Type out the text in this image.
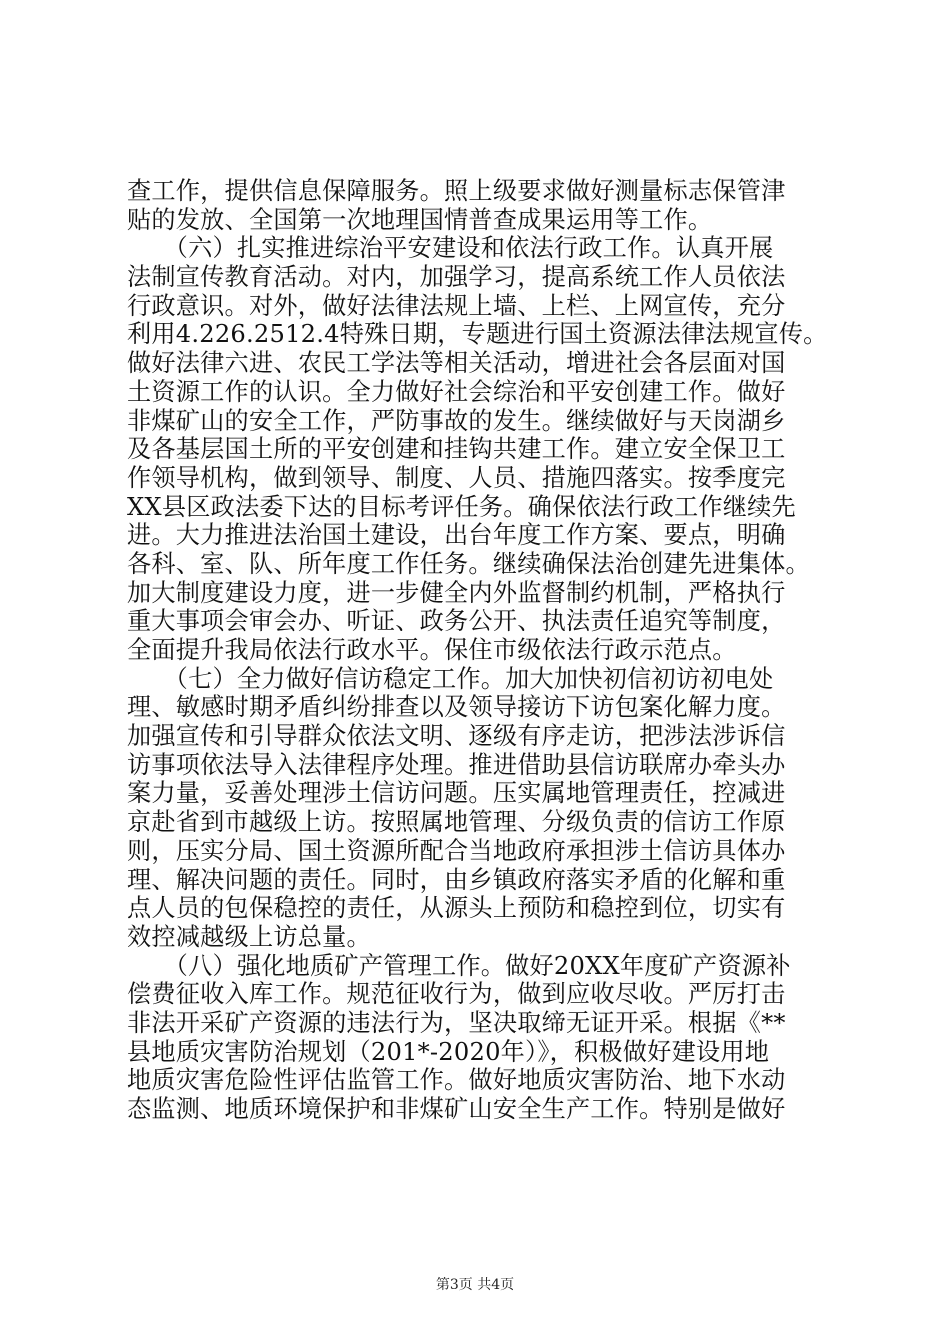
查工作，提供信息保障服务。照上级要求做好测量标志保管津
贴的发放、全国第一次地理国情普查成果运用等工作。
　　（六）扎实推进综治平安建设和依法行政工作。认真开展
法制宣传教育活动。对内，加强学习，提高系统工作人员依法
行政意识。对外，做好法律法规上墙、上栏、上网宣传，充分
利用4.226.2512.4特殊日期，专题进行国土资源法律法规宣传。
做好法律六进、农民工学法等相关活动，增进社会各层面对国
土资源工作的认识。全力做好社会综治和平安创建工作。做好
非煤矿山的安全工作，严防事故的发生。继续做好与天岗湖乡
及各基层国土所的平安创建和挂钩共建工作。建立安全保卫工
作领导机构，做到领导、制度、人员、措施四落实。按季度完
XX县区政法委下达的目标考评任务。确保依法行政工作继续先
进。大力推进法治国土建设，出台年度工作方案、要点，明确
各科、室、队、所年度工作任务。继续确保法治创建先进集体。
加大制度建设力度，进一步健全内外监督制约机制，严格执行
重大事项会审会办、听证、政务公开、执法责任追究等制度，
全面提升我局依法行政水平。保住市级依法行政示范点。
　　（七）全力做好信访稳定工作。加大加快初信初访初电处
理、敏感时期矛盾纠纷排查以及领导接访下访包案化解力度。
加强宣传和引导群众依法文明、逐级有序走访，把涉法涉诉信
访事项依法导入法律程序处理。推进借助县信访联席办牵头办
案力量，妥善处理涉土信访问题。压实属地管理责任，控减进
京赴省到市越级上访。按照属地管理、分级负责的信访工作原
则，压实分局、国土资源所配合当地政府承担涉土信访具体办
理、解决问题的责任。同时，由乡镇政府落实矛盾的化解和重
点人员的包保稳控的责任，从源头上预防和稳控到位，切实有
效控减越级上访总量。
　　（八）强化地质矿产管理工作。做好20XX年度矿产资源补
偿费征收入库工作。规范征收行为，做到应收尽收。严厉打击
非法开采矿产资源的违法行为，坚决取缔无证开采。根据《**
县地质灾害防治规划（201*-2020年）》，积极做好建设用地
地质灾害危险性评估监管工作。做好地质灾害防治、地下水动
态监测、地质环境保护和非煤矿山安全生产工作。特别是做好
第3页 共4页
